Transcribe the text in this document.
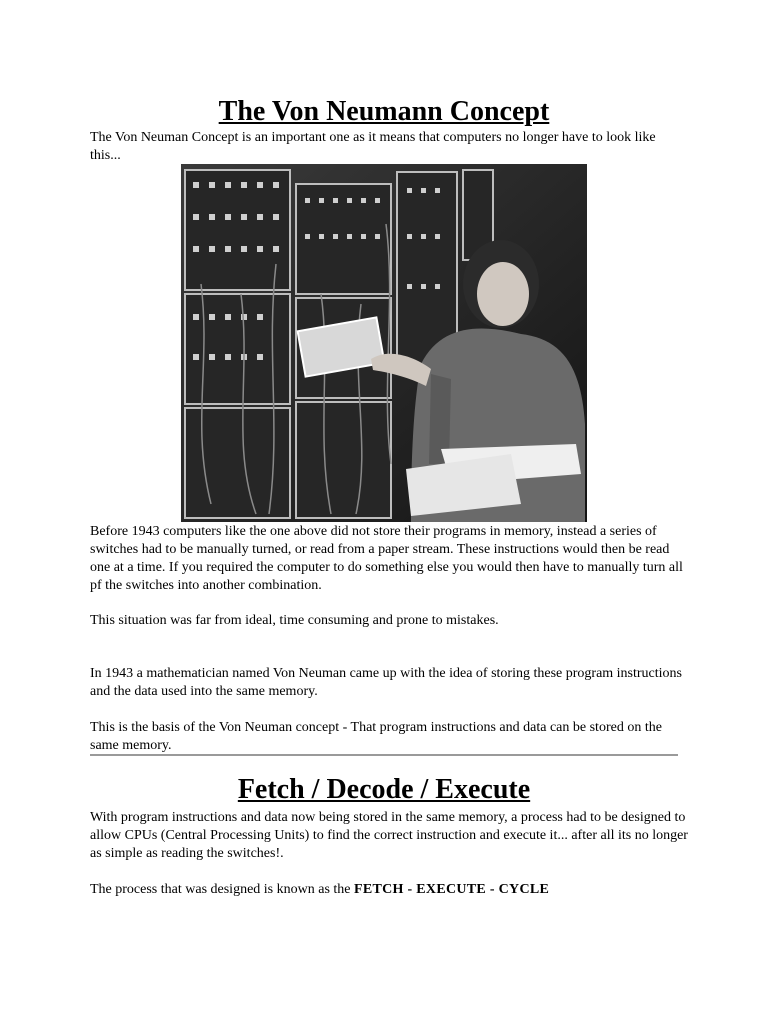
The Von Neumann Concept

The Von Neuman Concept is an important one as it means that computers no longer have to look like this...

Before 1943 computers like the one above did not store their programs in memory, instead a series of switches had to be manually turned, or read from a paper stream. These instructions would then be read one at a time. If you required the computer to do something else you would then have to manually turn all pf the switches into another combination.

This situation was far from ideal, time consuming and prone to mistakes.

In 1943 a mathematician named Von Neuman came up with the idea of storing these program instructions and the data used into the same memory.

This is the basis of the Von Neuman concept - That program instructions and data can be stored on the same memory.

Fetch / Decode / Execute

With program instructions and data now being stored in the same memory, a process had to be designed to allow CPUs (Central Processing Units) to find the correct instruction and execute it... after all its no longer as simple as reading the switches!.

The process that was designed is known as the FETCH - EXECUTE - CYCLE
